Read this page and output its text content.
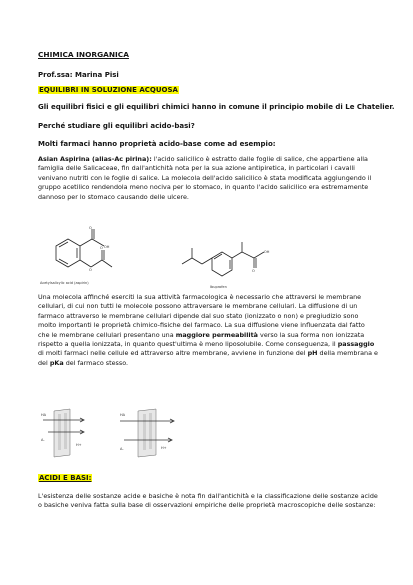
CHIMICA INORGANICA
Prof.ssa: Marina Pisi
EQUILIBRI IN SOLUZIONE ACQUOSA
Gli equilibri fisici e gli equilibri chimici hanno in comune il principio mobile di Le Chatelier.
Perché studiare gli equilibri acido-basi?
Molti farmaci hanno proprietà acido-base come ad esempio:
Asian Aspirina (alias-Ac pirina): l'acido salicilico è estratto dalle foglie di salice, che appartiene alla famiglia delle Salicaceae, fin dall'antichità nota per la sua azione antipiretica, in particolari i cavalli venivano nutriti con le foglie di salice. La molecola dell'acido salicilico è stata modificata aggiungendo il gruppo acetilico rendendola meno nociva per lo stomaco, in quanto l'acido salicilico era estremamente dannoso per lo stomaco causando delle ulcere.
O
OH
O
O
Acetylsalicylic acid (aspirin)
O
OH
Ibuprofen
Una molecola affinché eserciti la sua attività farmacologica è necessario che attraversi le membrane cellulari, di cui non tutti le molecole possono attraversare le membrane cellulari. La diffusione di un farmaco attraverso le membrane cellulari dipende dal suo stato (ionizzato o non) e pregiudizio sono molto importanti le proprietà chimico-fisiche del farmaco. La sua diffusione viene influenzata dal fatto che le membrane cellulari presentano una maggiore permeabilità verso la sua forma non ionizzata rispetto a quella ionizzata, in quanto quest'ultima è meno liposolubile. Come conseguenza, il passaggio di molti farmaci nelle cellule ed attraverso altre membrane, avviene in funzione del pH della membrana e del pKa del farmaco stesso.
HA
A-
H+
HA
A-	H+
ACIDI E BASI:
L'esistenza delle sostanze acide e basiche è nota fin dall'antichità e la classificazione delle sostanze acide o basiche veniva fatta sulla base di osservazioni empiriche delle proprietà macroscopiche delle sostanze:
